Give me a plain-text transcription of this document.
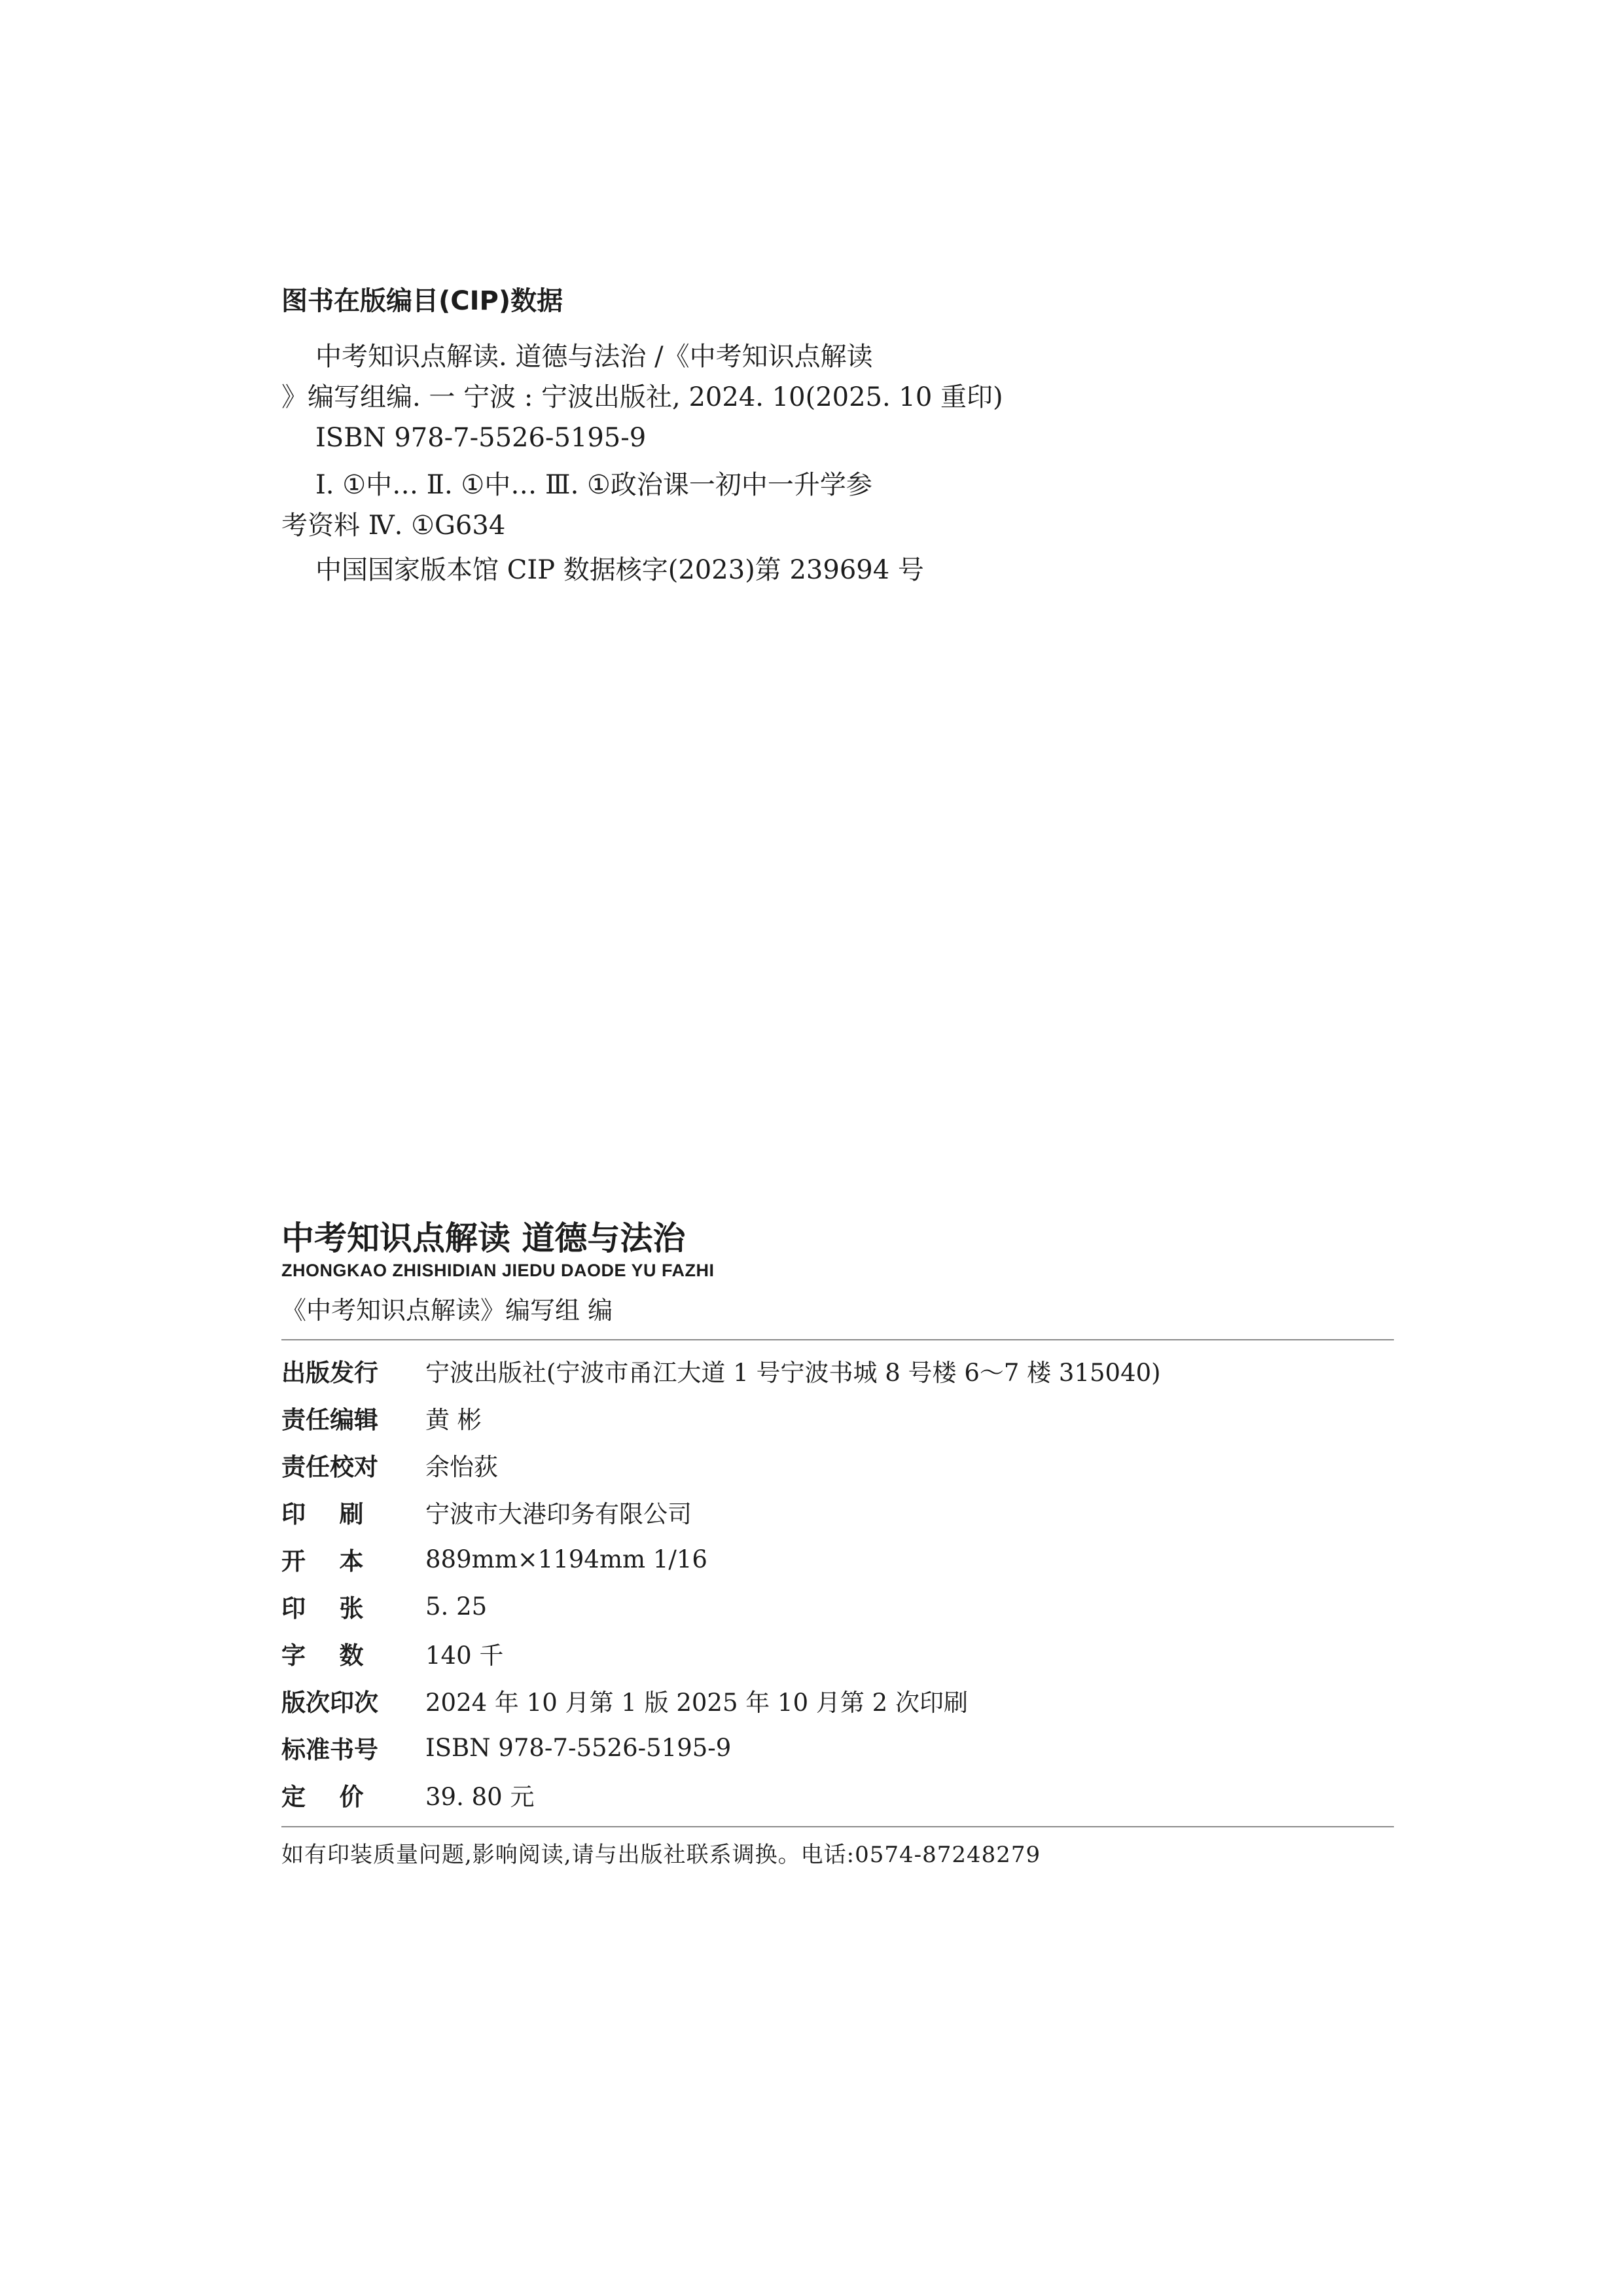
图书在版编目(CIP)数据
中考知识点解读. 道德与法治 /《中考知识点解读
》编写组编. 一 宁波 : 宁波出版社, 2024. 10(2025. 10 重印)
ISBN 978-7-5526-5195-9
Ⅰ. ①中… Ⅱ. ①中… Ⅲ. ①政治课一初中一升学参
考资料 Ⅳ. ①G634
中国国家版本馆 CIP 数据核字(2023)第 239694 号
中考知识点解读 道德与法治
ZHONGKAO ZHISHIDIAN JIEDU DAODE YU FAZHI
《中考知识点解读》编写组 编
出版发行	宁波出版社(宁波市甬江大道 1 号宁波书城 8 号楼 6～7 楼 315040)
责任编辑	黄 彬
责任校对	余怡荻
印    刷	宁波市大港印务有限公司
开    本	889mm×1194mm 1/16
印    张	5. 25
字    数	140 千
版次印次	2024 年 10 月第 1 版 2025 年 10 月第 2 次印刷
标准书号	ISBN 978-7-5526-5195-9
定    价	39. 80 元
如有印装质量问题,影响阅读,请与出版社联系调换。电话:0574-87248279
